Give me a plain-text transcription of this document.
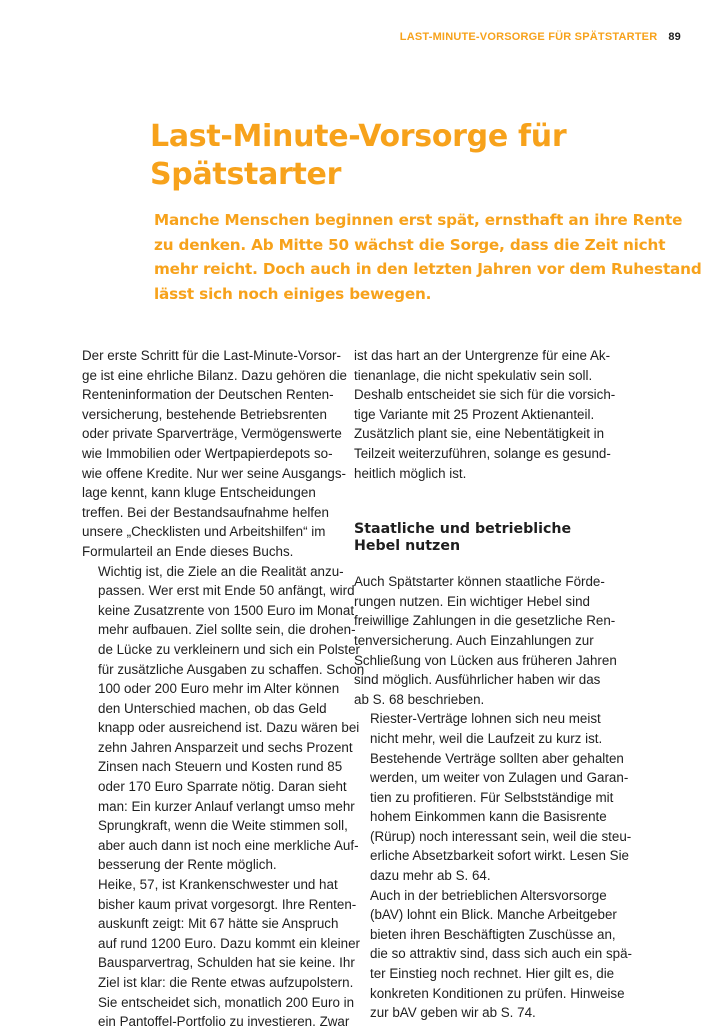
LAST-MINUTE-VORSORGE FÜR SPÄTSTARTER 89
Last-Minute-Vorsorge für
Spätstarter

Manche Menschen beginnen erst spät, ernsthaft an ihre Rente
zu denken. Ab Mitte 50 wächst die Sorge, dass die Zeit nicht
mehr reicht. Doch auch in den letzten Jahren vor dem Ruhestand
lässt sich noch einiges bewegen.

Der erste Schritt für die Last-Minute-Vorsor-
ge ist eine ehrliche Bilanz. Dazu gehören die
Renteninformation der Deutschen Renten-
versicherung, bestehende Betriebsrenten
oder private Sparverträge, Vermögenswerte
wie Immobilien oder Wertpapierdepots so-
wie offene Kredite. Nur wer seine Ausgangs-
lage kennt, kann kluge Entscheidungen
treffen. Bei der Bestandsaufnahme helfen
unsere „Checklisten und Arbeitshilfen“ im
Formularteil an Ende dieses Buchs.

Wichtig ist, die Ziele an die Realität anzu-
passen. Wer erst mit Ende 50 anfängt, wird
keine Zusatzrente von 1500 Euro im Monat
mehr aufbauen. Ziel sollte sein, die drohen-
de Lücke zu verkleinern und sich ein Polster
für zusätzliche Ausgaben zu schaffen. Schon
100 oder 200 Euro mehr im Alter können
den Unterschied machen, ob das Geld
knapp oder ausreichend ist. Dazu wären bei
zehn Jahren Ansparzeit und sechs Prozent
Zinsen nach Steuern und Kosten rund 85
oder 170 Euro Sparrate nötig. Daran sieht
man: Ein kurzer Anlauf verlangt umso mehr
Sprungkraft, wenn die Weite stimmen soll,
aber auch dann ist noch eine merkliche Auf-
besserung der Rente möglich.

Heike, 57, ist Krankenschwester und hat
bisher kaum privat vorgesorgt. Ihre Renten-
auskunft zeigt: Mit 67 hätte sie Anspruch
auf rund 1200 Euro. Dazu kommt ein kleiner
Bausparvertrag, Schulden hat sie keine. Ihr
Ziel ist klar: die Rente etwas aufzupolstern.
Sie entscheidet sich, monatlich 200 Euro in
ein Pantoffel-Portfolio zu investieren. Zwar

ist das hart an der Untergrenze für eine Ak-
tienanlage, die nicht spekulativ sein soll.
Deshalb entscheidet sie sich für die vorsich-
tige Variante mit 25 Prozent Aktienanteil.
Zusätzlich plant sie, eine Nebentätigkeit in
Teilzeit weiterzuführen, solange es gesund-
heitlich möglich ist.

Staatliche und betriebliche
Hebel nutzen

Auch Spätstarter können staatliche Förde-
rungen nutzen. Ein wichtiger Hebel sind
freiwillige Zahlungen in die gesetzliche Ren-
tenversicherung. Auch Einzahlungen zur
Schließung von Lücken aus früheren Jahren
sind möglich. Ausführlicher haben wir das
ab S. 68 beschrieben.

Riester-Verträge lohnen sich neu meist
nicht mehr, weil die Laufzeit zu kurz ist.
Bestehende Verträge sollten aber gehalten
werden, um weiter von Zulagen und Garan-
tien zu profitieren. Für Selbstständige mit
hohem Einkommen kann die Basisrente
(Rürup) noch interessant sein, weil die steu-
erliche Absetzbarkeit sofort wirkt. Lesen Sie
dazu mehr ab S. 64.

Auch in der betrieblichen Altersvorsorge
(bAV) lohnt ein Blick. Manche Arbeitgeber
bieten ihren Beschäftigten Zuschüsse an,
die so attraktiv sind, dass sich auch ein spä-
ter Einstieg noch rechnet. Hier gilt es, die
konkreten Konditionen zu prüfen. Hinweise
zur bAV geben wir ab S. 74.
